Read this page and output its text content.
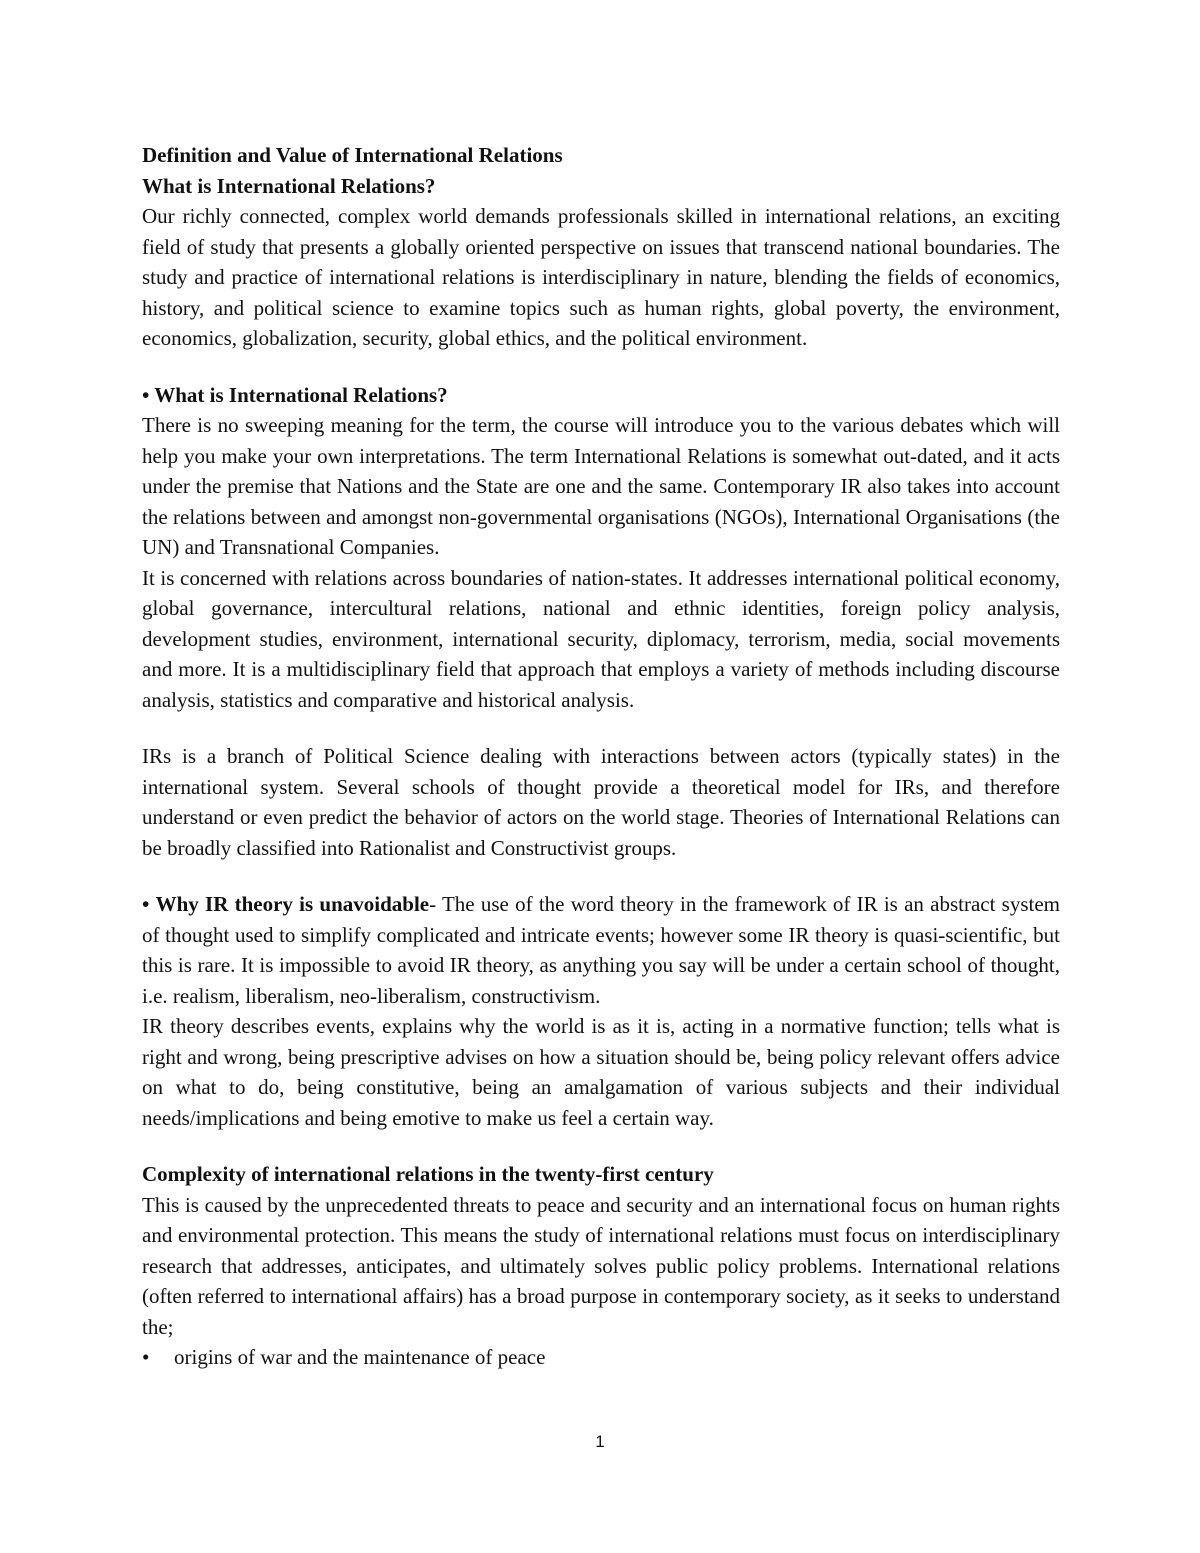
Definition and Value of International Relations

What is International Relations?

Our richly connected, complex world demands professionals skilled in international relations, an exciting field of study that presents a globally oriented perspective on issues that transcend national boundaries. The study and practice of international relations is interdisciplinary in nature, blending the fields of economics, history, and political science to examine topics such as human rights, global poverty, the environment, economics, globalization, security, global ethics, and the political environment.

• What is International Relations?

There is no sweeping meaning for the term, the course will introduce you to the various debates which will help you make your own interpretations. The term International Relations is somewhat out-dated, and it acts under the premise that Nations and the State are one and the same. Contemporary IR also takes into account the relations between and amongst non-governmental organisations (NGOs), International Organisations (the UN) and Transnational Companies.

It is concerned with relations across boundaries of nation-states. It addresses international political economy, global governance, intercultural relations, national and ethnic identities, foreign policy analysis, development studies, environment, international security, diplomacy, terrorism, media, social movements and more. It is a multidisciplinary field that approach that employs a variety of methods including discourse analysis, statistics and comparative and historical analysis.

IRs is a branch of Political Science dealing with interactions between actors (typically states) in the international system. Several schools of thought provide a theoretical model for IRs, and therefore understand or even predict the behavior of actors on the world stage. Theories of International Relations can be broadly classified into Rationalist and Constructivist groups.

• Why IR theory is unavoidable- The use of the word theory in the framework of IR is an abstract system of thought used to simplify complicated and intricate events; however some IR theory is quasi-scientific, but this is rare. It is impossible to avoid IR theory, as anything you say will be under a certain school of thought, i.e. realism, liberalism, neo-liberalism, constructivism.

IR theory describes events, explains why the world is as it is, acting in a normative function; tells what is right and wrong, being prescriptive advises on how a situation should be, being policy relevant offers advice on what to do, being constitutive, being an amalgamation of various subjects and their individual needs/implications and being emotive to make us feel a certain way.

Complexity of international relations in the twenty-first century

This is caused by the unprecedented threats to peace and security and an international focus on human rights and environmental protection. This means the study of international relations must focus on interdisciplinary research that addresses, anticipates, and ultimately solves public policy problems. International relations (often referred to international affairs) has a broad purpose in contemporary society, as it seeks to understand the;

• origins of war and the maintenance of peace
1
